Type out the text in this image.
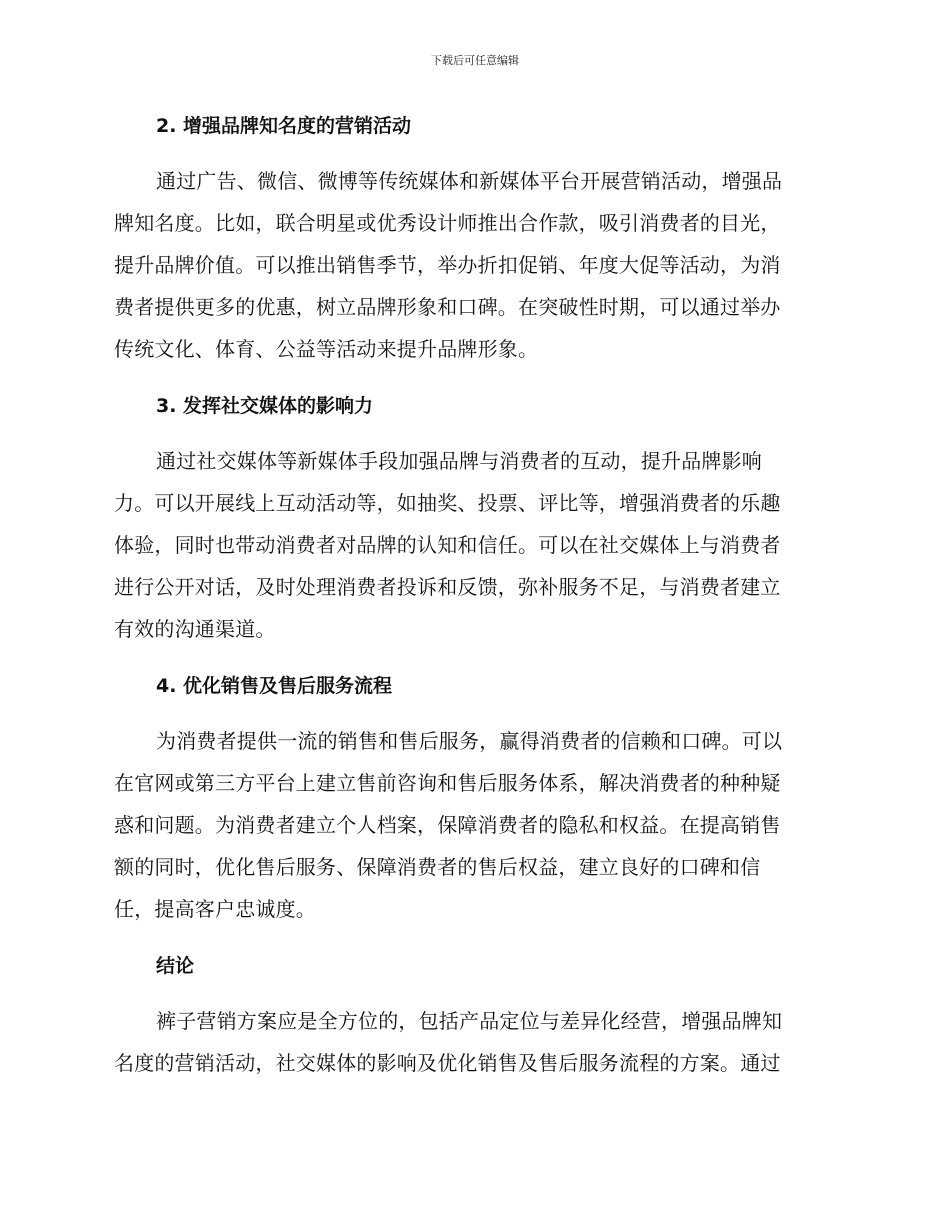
下载后可任意编辑
2. 增强品牌知名度的营销活动

通过广告、微信、微博等传统媒体和新媒体平台开展营销活动，增强品
牌知名度。比如，联合明星或优秀设计师推出合作款，吸引消费者的目光，
提升品牌价值。可以推出销售季节，举办折扣促销、年度大促等活动，为消
费者提供更多的优惠，树立品牌形象和口碑。在突破性时期，可以通过举办
传统文化、体育、公益等活动来提升品牌形象。

3. 发挥社交媒体的影响力

通过社交媒体等新媒体手段加强品牌与消费者的互动，提升品牌影响
力。可以开展线上互动活动等，如抽奖、投票、评比等，增强消费者的乐趣
体验，同时也带动消费者对品牌的认知和信任。可以在社交媒体上与消费者
进行公开对话，及时处理消费者投诉和反馈，弥补服务不足，与消费者建立
有效的沟通渠道。

4. 优化销售及售后服务流程

为消费者提供一流的销售和售后服务，赢得消费者的信赖和口碑。可以
在官网或第三方平台上建立售前咨询和售后服务体系，解决消费者的种种疑
惑和问题。为消费者建立个人档案，保障消费者的隐私和权益。在提高销售
额的同时，优化售后服务、保障消费者的售后权益，建立良好的口碑和信
任，提高客户忠诚度。

结论

裤子营销方案应是全方位的，包括产品定位与差异化经营，增强品牌知
名度的营销活动，社交媒体的影响及优化销售及售后服务流程的方案。通过
